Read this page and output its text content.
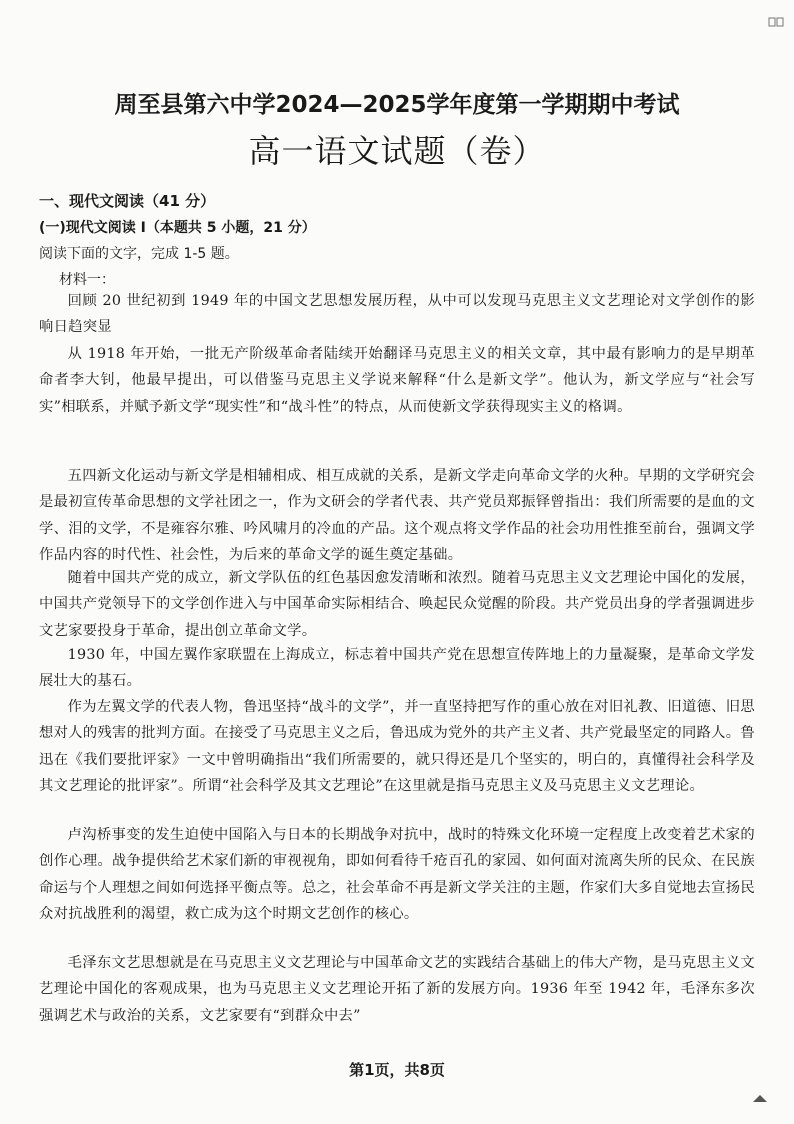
周至县第六中学2024—2025学年度第一学期期中考试
高一语文试题（卷）
一、现代文阅读（41 分）
(一)现代文阅读 I（本题共 5 小题，21 分）
阅读下面的文字，完成 1-5 题。
材料一：

回顾 20 世纪初到 1949 年的中国文艺思想发展历程，从中可以发现马克思主义文艺理论对文学创作的影响日趋突显

从 1918 年开始，一批无产阶级革命者陆续开始翻译马克思主义的相关文章，其中最有影响力的是早期革命者李大钊，他最早提出，可以借鉴马克思主义学说来解释“什么是新文学”。他认为，新文学应与“社会写实”相联系，并赋予新文学“现实性”和“战斗性”的特点，从而使新文学获得现实主义的格调。

五四新文化运动与新文学是相辅相成、相互成就的关系，是新文学走向革命文学的火种。早期的文学研究会是最初宣传革命思想的文学社团之一，作为文研会的学者代表、共产党员郑振铎曾指出：我们所需要的是血的文学、泪的文学，不是雍容尔雅、吟风啸月的冷血的产品。这个观点将文学作品的社会功用性推至前台，强调文学作品内容的时代性、社会性，为后来的革命文学的诞生奠定基础。

随着中国共产党的成立，新文学队伍的红色基因愈发清晰和浓烈。随着马克思主义文艺理论中国化的发展，中国共产党领导下的文学创作进入与中国革命实际相结合、唤起民众觉醒的阶段。共产党员出身的学者强调进步文艺家要投身于革命，提出创立革命文学。

1930 年，中国左翼作家联盟在上海成立，标志着中国共产党在思想宣传阵地上的力量凝聚，是革命文学发展壮大的基石。

作为左翼文学的代表人物，鲁迅坚持“战斗的文学”，并一直坚持把写作的重心放在对旧礼教、旧道德、旧思想对人的残害的批判方面。在接受了马克思主义之后，鲁迅成为党外的共产主义者、共产党最坚定的同路人。鲁迅在《我们要批评家》一文中曾明确指出“我们所需要的，就只得还是几个坚实的，明白的，真懂得社会科学及其文艺理论的批评家”。所谓“社会科学及其文艺理论”在这里就是指马克思主义及马克思主义文艺理论。

卢沟桥事变的发生迫使中国陷入与日本的长期战争对抗中，战时的特殊文化环境一定程度上改变着艺术家的创作心理。战争提供给艺术家们新的审视视角，即如何看待千疮百孔的家园、如何面对流离失所的民众、在民族命运与个人理想之间如何选择平衡点等。总之，社会革命不再是新文学关注的主题，作家们大多自觉地去宣扬民众对抗战胜利的渴望，救亡成为这个时期文艺创作的核心。

毛泽东文艺思想就是在马克思主义文艺理论与中国革命文艺的实践结合基础上的伟大产物，是马克思主义文艺理论中国化的客观成果，也为马克思主义文艺理论开拓了新的发展方向。1936 年至 1942 年，毛泽东多次强调艺术与政治的关系，文艺家要有“到群众中去”

第1页，共8页
